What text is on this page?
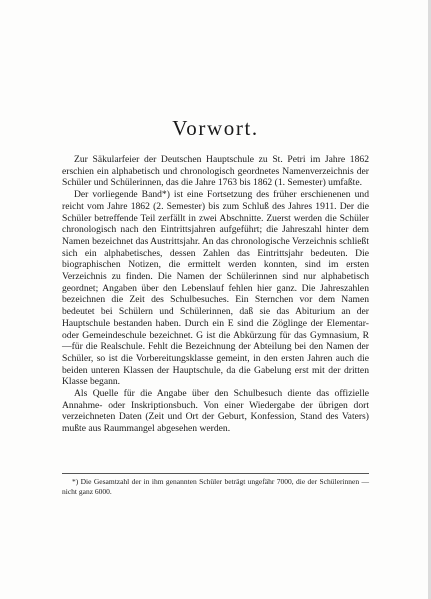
Vorwort.

Zur Säkularfeier der Deutschen Hauptschule zu St. Petri im Jahre 1862 erschien ein alphabetisch und chronologisch geordnetes Namenverzeichnis der Schüler und Schülerinnen, das die Jahre 1763 bis 1862 (1. Semester) umfaßte.

Der vorliegende Band*) ist eine Fortsetzung des früher erschienenen und reicht vom Jahre 1862 (2. Semester) bis zum Schluß des Jahres 1911. Der die Schüler betreffende Teil zerfällt in zwei Abschnitte. Zuerst werden die Schüler chronologisch nach den Eintrittsjahren aufgeführt; die Jahreszahl hinter dem Namen bezeichnet das Austrittsjahr. An das chronologische Verzeichnis schließt sich ein alphabetisches, dessen Zahlen das Eintrittsjahr bedeuten. Die biographischen Notizen, die ermittelt werden konnten, sind im ersten Verzeichnis zu finden. Die Namen der Schülerinnen sind nur alphabetisch geordnet; Angaben über den Lebenslauf fehlen hier ganz. Die Jahreszahlen bezeichnen die Zeit des Schulbesuches. Ein Sternchen vor dem Namen bedeutet bei Schülern und Schülerinnen, daß sie das Abiturium an der Hauptschule bestanden haben. Durch ein E sind die Zöglinge der Elementar- oder Gemeindeschule bezeichnet. G ist die Abkürzung für das Gymnasium, R—für die Realschule. Fehlt die Bezeichnung der Abteilung bei den Namen der Schüler, so ist die Vorbereitungsklasse gemeint, in den ersten Jahren auch die beiden unteren Klassen der Hauptschule, da die Gabelung erst mit der dritten Klasse begann.

Als Quelle für die Angabe über den Schulbesuch diente das offizielle Annahme- oder Inskriptionsbuch. Von einer Wiedergabe der übrigen dort verzeichneten Daten (Zeit und Ort der Geburt, Konfession, Stand des Vaters) mußte aus Raummangel abgesehen werden.

*) Die Gesamtzahl der in ihm genannten Schüler beträgt ungefähr 7000, die der Schülerinnen — nicht ganz 6000.
